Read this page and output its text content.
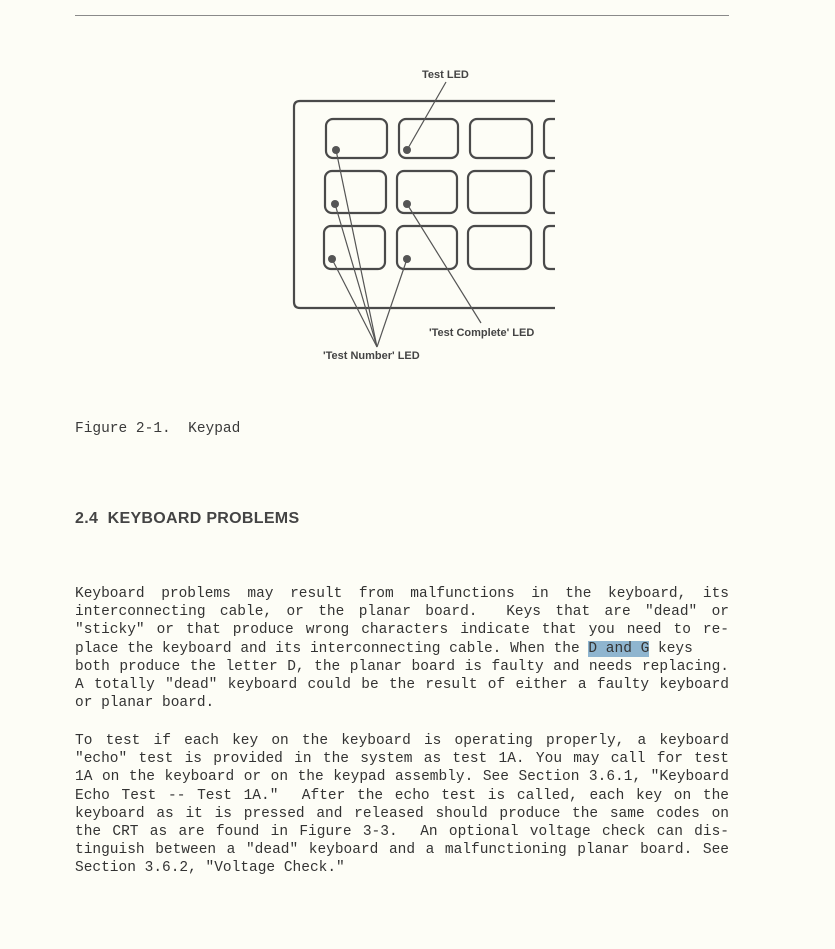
Test LED
'Test Complete' LED
'Test Number' LED
Figure 2-1.  Keypad
2.4  KEYBOARD PROBLEMS
Keyboard problems may result from malfunctions in the keyboard, its
interconnecting cable, or the planar board.  Keys that are "dead" or
"sticky" or that produce wrong characters indicate that you need to re-
place the keyboard and its interconnecting cable. When the D and G keys
both produce the letter D, the planar board is faulty and needs replacing.
A totally "dead" keyboard could be the result of either a faulty keyboard
or planar board.
To test if each key on the keyboard is operating properly, a keyboard
"echo" test is provided in the system as test 1A. You may call for test
1A on the keyboard or on the keypad assembly. See Section 3.6.1, "Keyboard
Echo Test -- Test 1A."  After the echo test is called, each key on the
keyboard as it is pressed and released should produce the same codes on
the CRT as are found in Figure 3-3.  An optional voltage check can dis-
tinguish between a "dead" keyboard and a malfunctioning planar board. See
Section 3.6.2, "Voltage Check."
